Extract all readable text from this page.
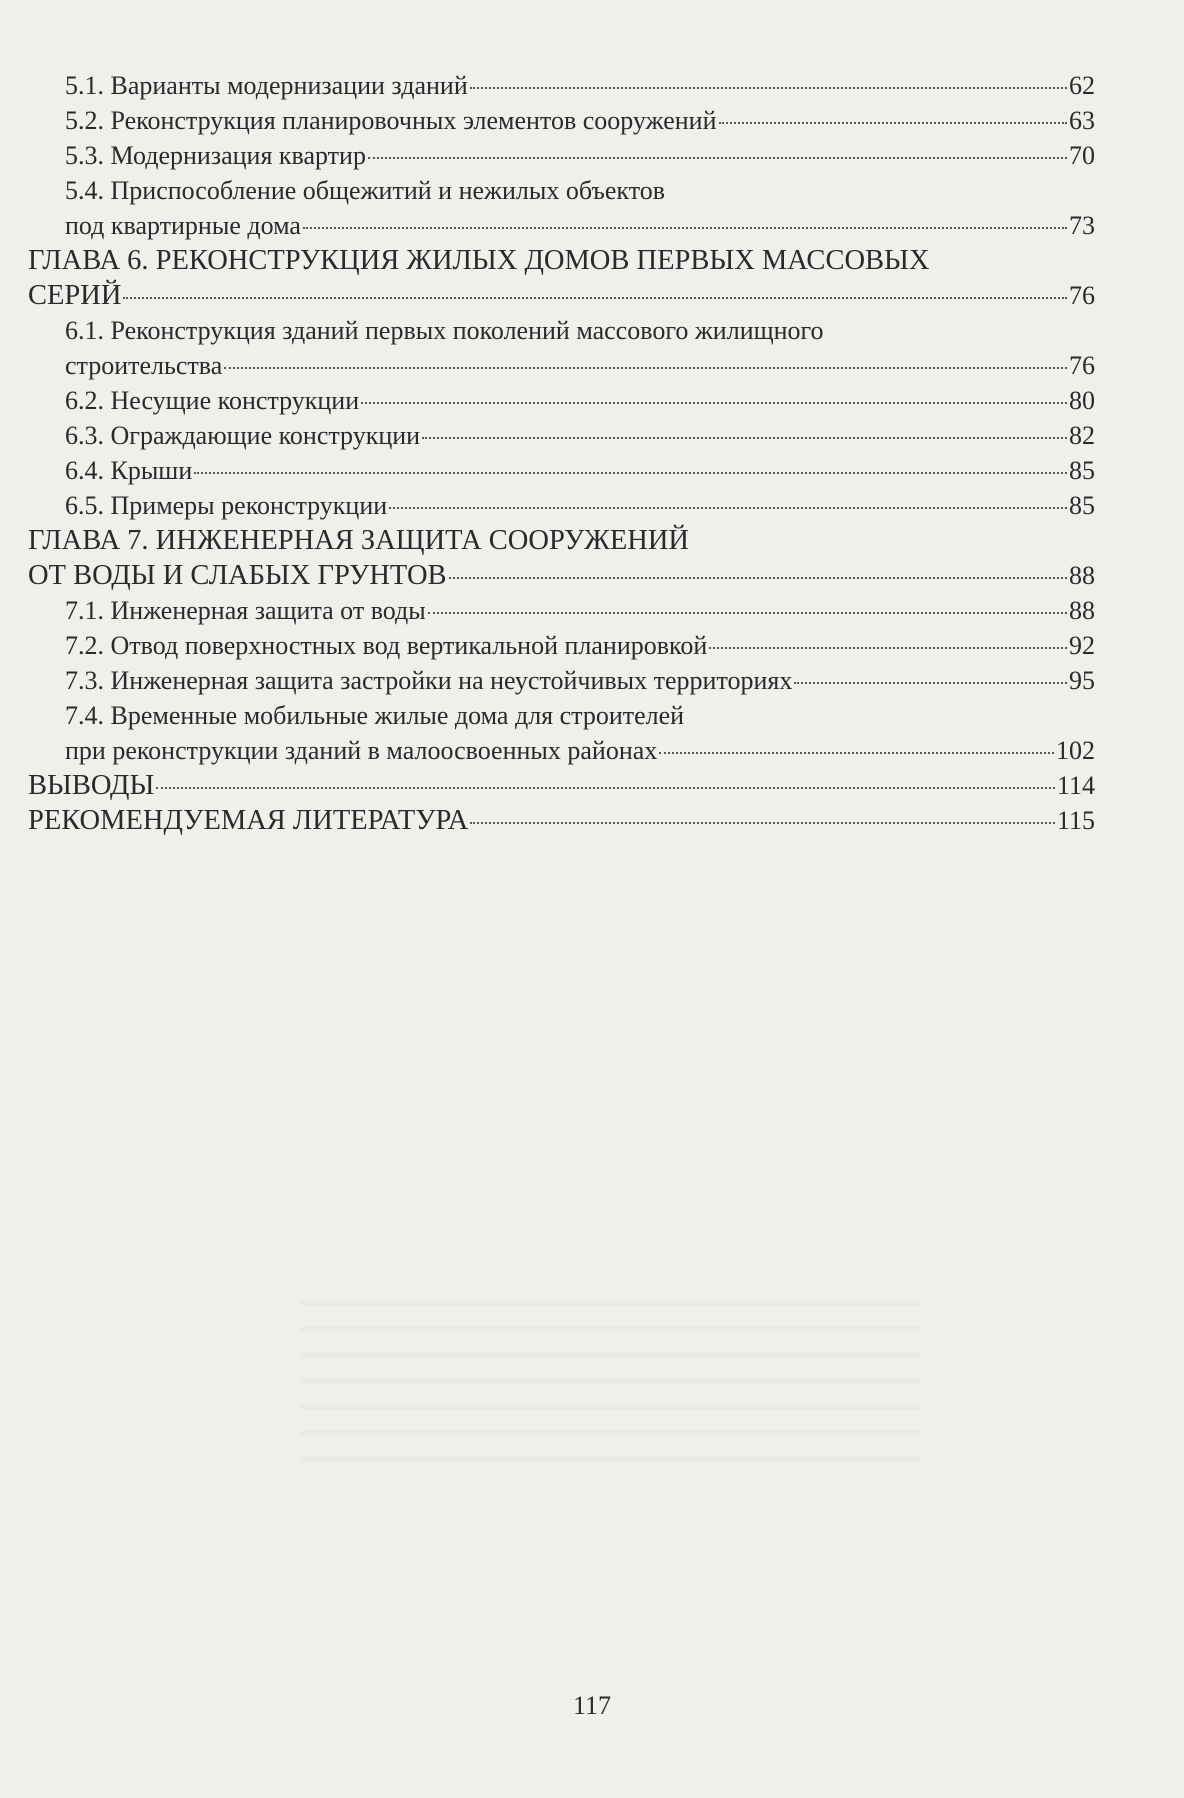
5.1. Варианты модернизации зданий	62
5.2. Реконструкция планировочных элементов сооружений	63
5.3. Модернизация квартир	70
5.4. Приспособление общежитий и нежилых объектов
под квартирные дома	73
ГЛАВА 6. РЕКОНСТРУКЦИЯ ЖИЛЫХ ДОМОВ ПЕРВЫХ МАССОВЫХ
СЕРИЙ	76
6.1. Реконструкция зданий первых поколений массового жилищного
строительства	76
6.2. Несущие конструкции	80
6.3. Ограждающие конструкции	82
6.4. Крыши	85
6.5. Примеры реконструкции	85
ГЛАВА 7. ИНЖЕНЕРНАЯ ЗАЩИТА СООРУЖЕНИЙ
ОТ ВОДЫ И СЛАБЫХ ГРУНТОВ	88
7.1. Инженерная защита от воды	88
7.2. Отвод поверхностных вод вертикальной планировкой	92
7.3. Инженерная защита застройки на неустойчивых территориях	95
7.4. Временные мобильные жилые дома для строителей
при реконструкции зданий в малоосвоенных районах	102
ВЫВОДЫ	114
РЕКОМЕНДУЕМАЯ ЛИТЕРАТУРА	115
117
